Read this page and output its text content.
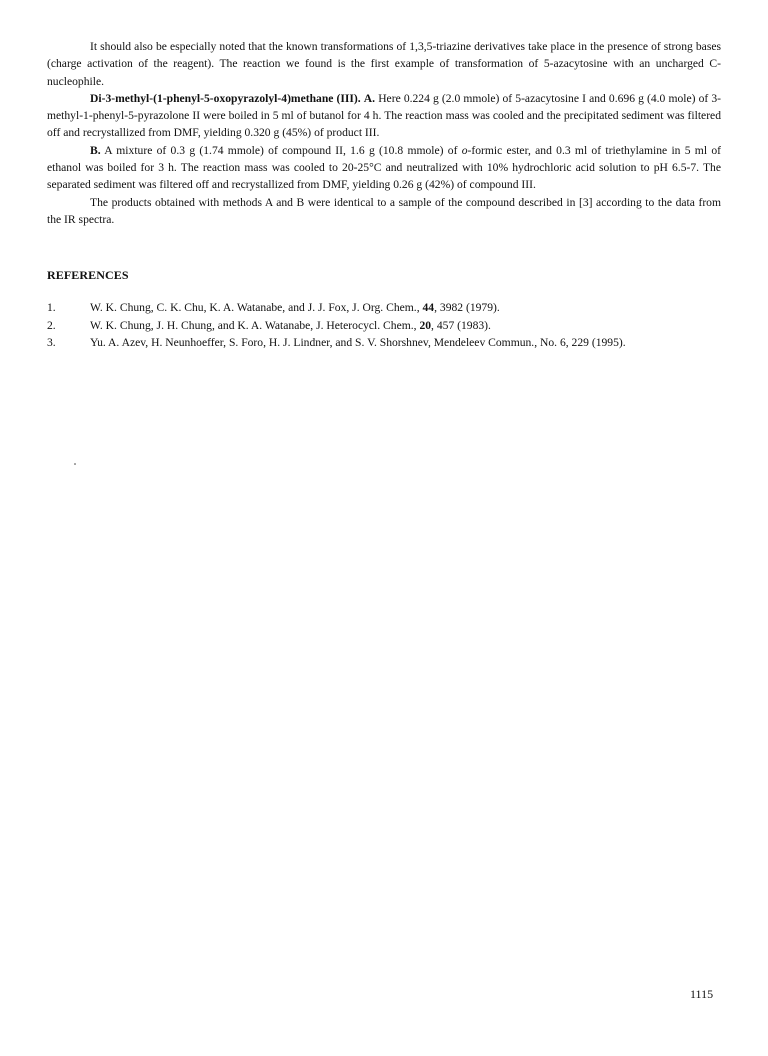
It should also be especially noted that the known transformations of 1,3,5-triazine derivatives take place in the presence of strong bases (charge activation of the reagent). The reaction we found is the first example of transformation of 5-azacytosine with an uncharged C-nucleophile.

Di-3-methyl-(1-phenyl-5-oxopyrazolyl-4)methane (III). A. Here 0.224 g (2.0 mmole) of 5-azacytosine I and 0.696 g (4.0 mole) of 3-methyl-1-phenyl-5-pyrazolone II were boiled in 5 ml of butanol for 4 h. The reaction mass was cooled and the precipitated sediment was filtered off and recrystallized from DMF, yielding 0.320 g (45%) of product III.

B. A mixture of 0.3 g (1.74 mmole) of compound II, 1.6 g (10.8 mmole) of o-formic ester, and 0.3 ml of triethylamine in 5 ml of ethanol was boiled for 3 h. The reaction mass was cooled to 20-25°C and neutralized with 10% hydrochloric acid solution to pH 6.5-7. The separated sediment was filtered off and recrystallized from DMF, yielding 0.26 g (42%) of compound III.

The products obtained with methods A and B were identical to a sample of the compound described in [3] according to the data from the IR spectra.

REFERENCES
1.	W. K. Chung, C. K. Chu, K. A. Watanabe, and J. J. Fox, J. Org. Chem., 44, 3982 (1979).
2.	W. K. Chung, J. H. Chung, and K. A. Watanabe, J. Heterocycl. Chem., 20, 457 (1983).
3.	Yu. A. Azev, H. Neunhoeffer, S. Foro, H. J. Lindner, and S. V. Shorshnev, Mendeleev Commun., No. 6, 229 (1995).
1115
